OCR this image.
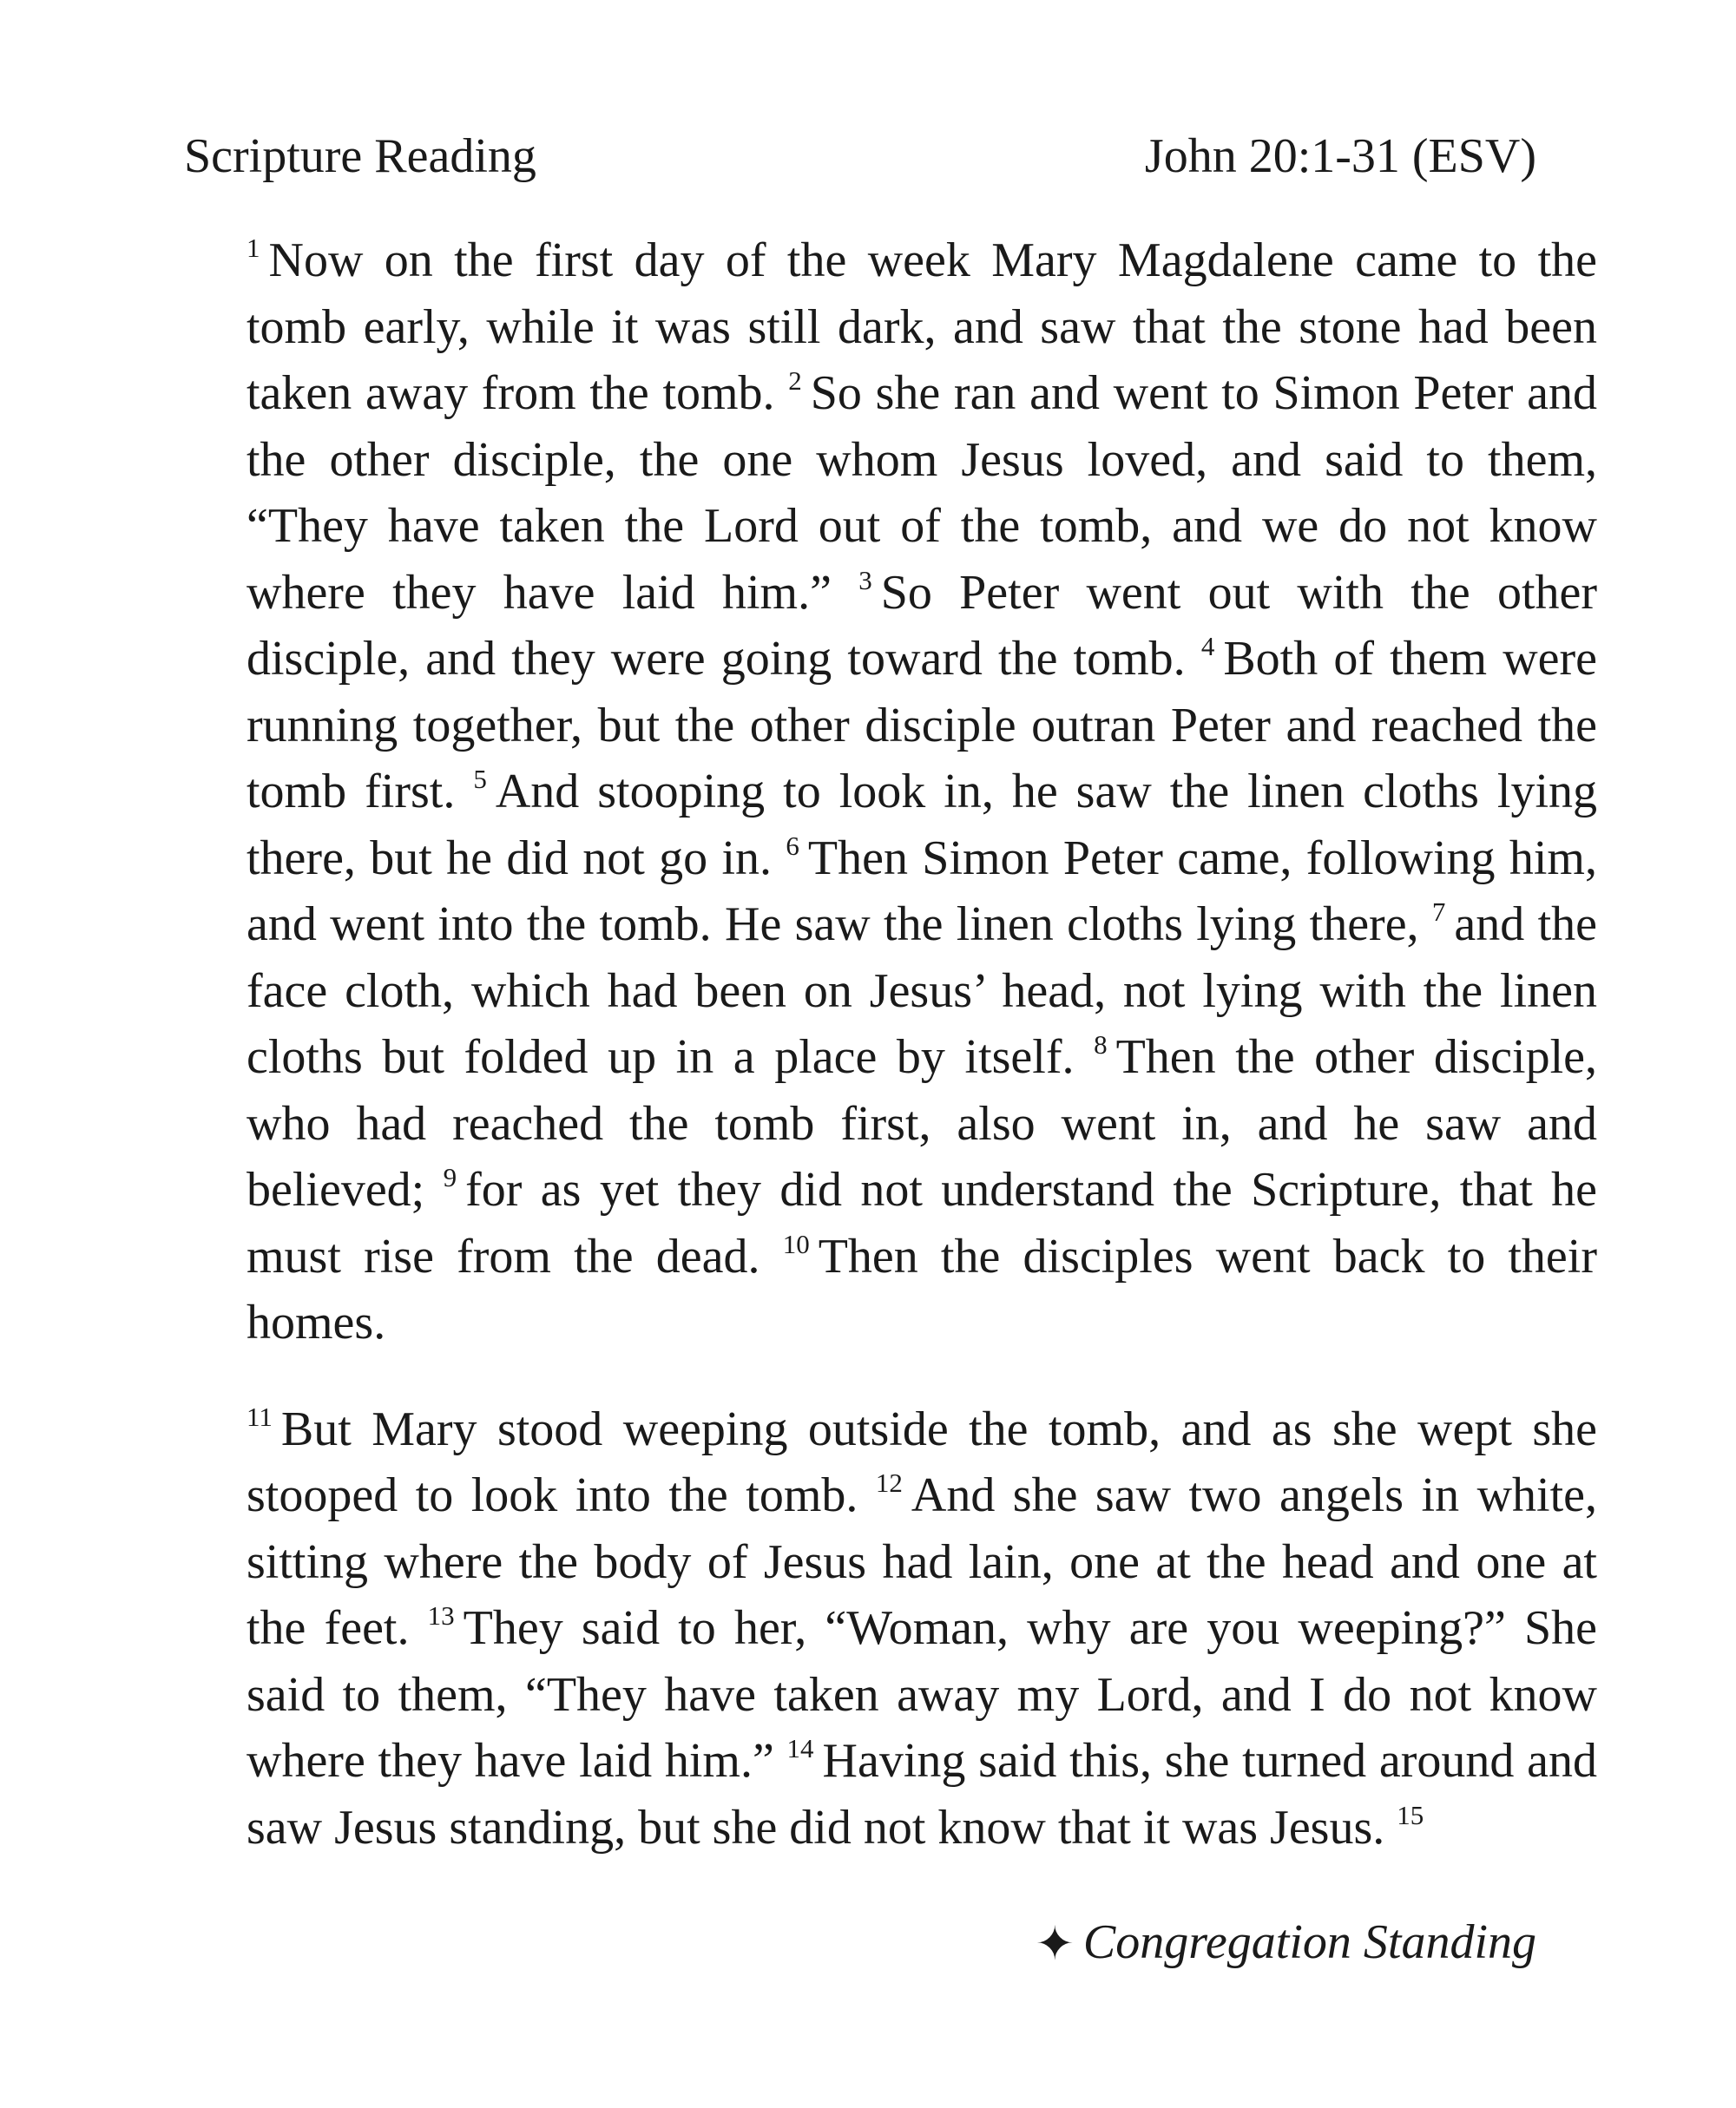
Scripture Reading	John 20:1-31 (ESV)

$^1$ Now on the first day of the week Mary Magdalene came to the tomb early, while it was still dark, and saw that the stone had been taken away from the tomb. $^2$ So she ran and went to Simon Peter and the other disciple, the one whom Jesus loved, and said to them, “They have taken the Lord out of the tomb, and we do not know where they have laid him.” $^3$ So Peter went out with the other disciple, and they were going toward the tomb. $^4$ Both of them were running together, but the other disciple outran Peter and reached the tomb first. $^5$ And stooping to look in, he saw the linen cloths lying there, but he did not go in. $^6$ Then Simon Peter came, following him, and went into the tomb. He saw the linen cloths lying there, $^7$ and the face cloth, which had been on Jesus’ head, not lying with the linen cloths but folded up in a place by itself. $^8$ Then the other disciple, who had reached the tomb first, also went in, and he saw and believed; $^9$ for as yet they did not understand the Scripture, that he must rise from the dead. $^{10}$ Then the disciples went back to their homes.

$^{11}$ But Mary stood weeping outside the tomb, and as she wept she stooped to look into the tomb. $^{12}$ And she saw two angels in white, sitting where the body of Jesus had lain, one at the head and one at the feet. $^{13}$ They said to her, “Woman, why are you weeping?” She said to them, “They have taken away my Lord, and I do not know where they have laid him.” $^{14}$ Having said this, she turned around and saw Jesus standing, but she did not know that it was Jesus. $^{15}$

✦ Congregation Standing
